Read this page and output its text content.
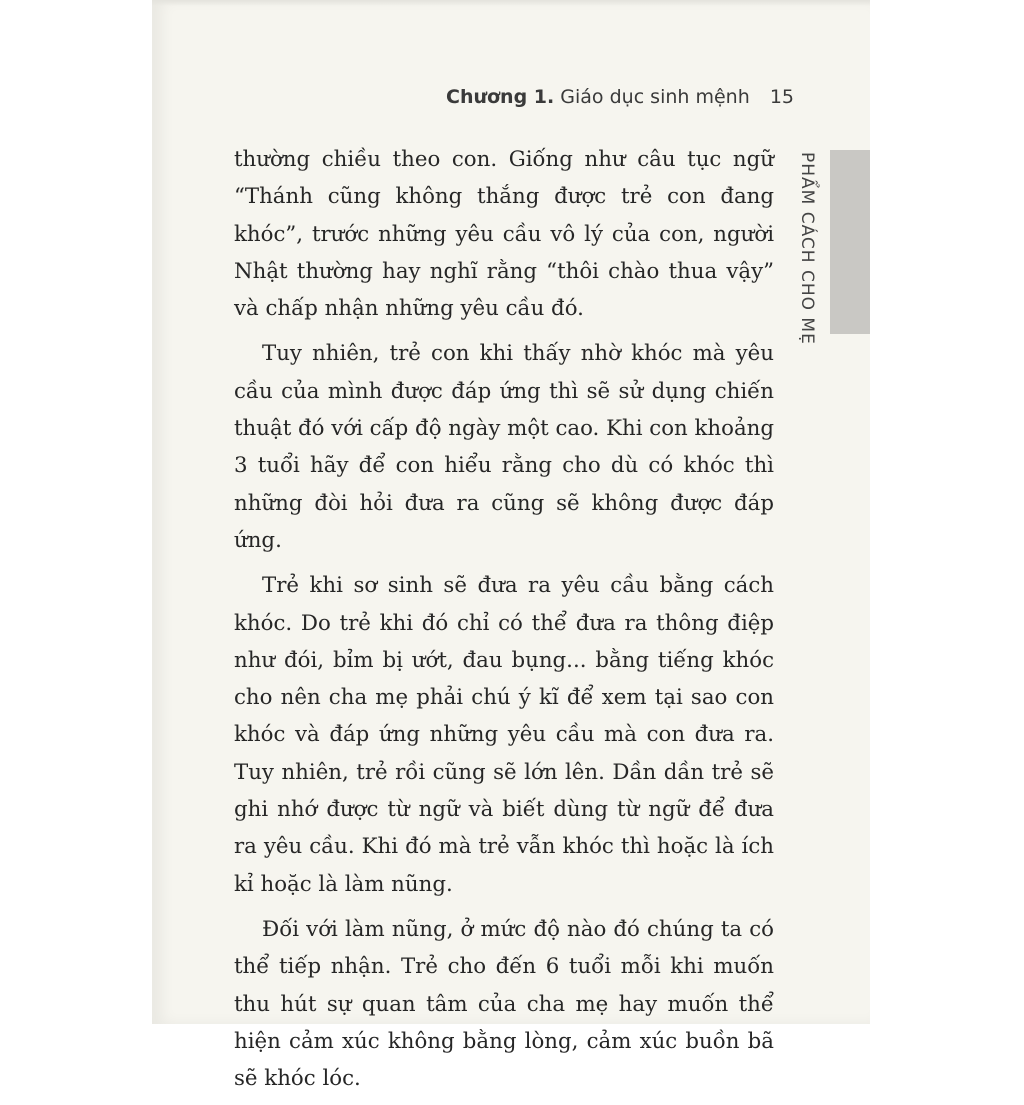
Chương 1. Giáo dục sinh mệnh 15
PHẨM CÁCH CHO MẸ

thường chiều theo con. Giống như câu tục ngữ “Thánh cũng không thắng được trẻ con đang khóc”, trước những yêu cầu vô lý của con, người Nhật thường hay nghĩ rằng “thôi chào thua vậy” và chấp nhận những yêu cầu đó.

Tuy nhiên, trẻ con khi thấy nhờ khóc mà yêu cầu của mình được đáp ứng thì sẽ sử dụng chiến thuật đó với cấp độ ngày một cao. Khi con khoảng 3 tuổi hãy để con hiểu rằng cho dù có khóc thì những đòi hỏi đưa ra cũng sẽ không được đáp ứng.

Trẻ khi sơ sinh sẽ đưa ra yêu cầu bằng cách khóc. Do trẻ khi đó chỉ có thể đưa ra thông điệp như đói, bỉm bị ướt, đau bụng... bằng tiếng khóc cho nên cha mẹ phải chú ý kĩ để xem tại sao con khóc và đáp ứng những yêu cầu mà con đưa ra. Tuy nhiên, trẻ rồi cũng sẽ lớn lên. Dần dần trẻ sẽ ghi nhớ được từ ngữ và biết dùng từ ngữ để đưa ra yêu cầu. Khi đó mà trẻ vẫn khóc thì hoặc là ích kỉ hoặc là làm nũng.

Đối với làm nũng, ở mức độ nào đó chúng ta có thể tiếp nhận. Trẻ cho đến 6 tuổi mỗi khi muốn thu hút sự quan tâm của cha mẹ hay muốn thể hiện cảm xúc không bằng lòng, cảm xúc buồn bã sẽ khóc lóc.
